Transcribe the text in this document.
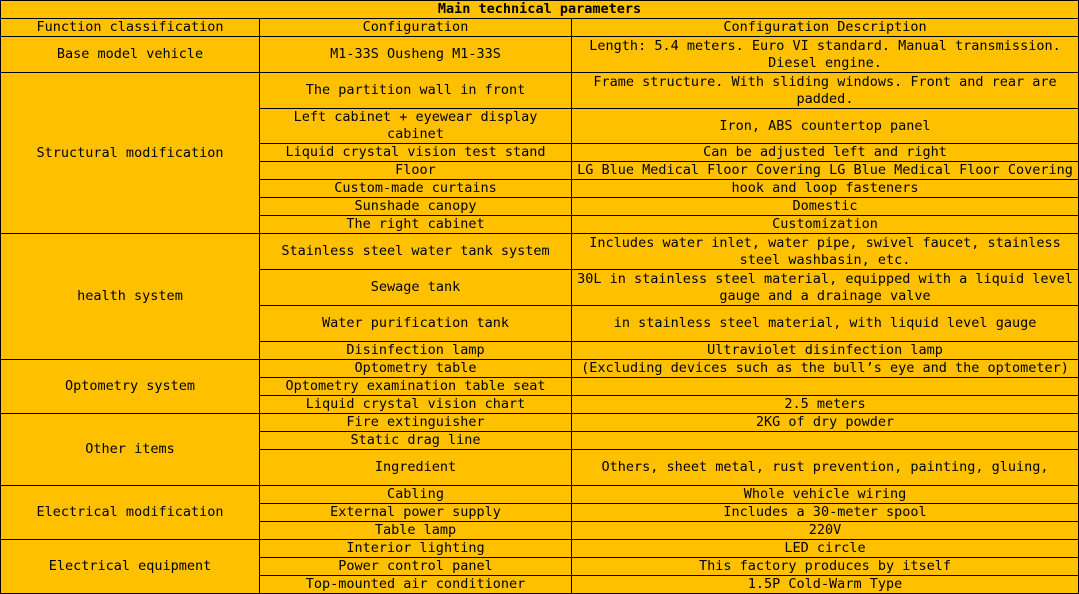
Main technical parameters		
Function classification	Configuration	Configuration Description
Base model vehicle	M1-33S Ousheng M1-33S	Length: 5.4 meters. Euro VI standard. Manual transmission. Diesel engine.
Structural modification	The partition wall in front	Frame structure. With sliding windows. Front and rear are padded.
	Left cabinet + eyewear display cabinet	Iron, ABS countertop panel
	Liquid crystal vision test stand	Can be adjusted left and right
	Floor	LG Blue Medical Floor Covering LG Blue Medical Floor Covering
	Custom-made curtains	hook and loop fasteners
	Sunshade canopy	Domestic
	The right cabinet	Customization
health system	Stainless steel water tank system	Includes water inlet, water pipe, swivel faucet, stainless steel washbasin, etc.
	Sewage tank	30L in stainless steel material, equipped with a liquid level gauge and a drainage valve
	Water purification tank	in stainless steel material, with liquid level gauge
	Disinfection lamp	Ultraviolet disinfection lamp
Optometry system	Optometry table	(Excluding devices such as the bull’s eye and the optometer)
	Optometry examination table seat	
	Liquid crystal vision chart	2.5 meters
Other items	Fire extinguisher	2KG of dry powder
	Static drag line	
	Ingredient	Others, sheet metal, rust prevention, painting, gluing,
Electrical modification	Cabling	Whole vehicle wiring
	External power supply	Includes a 30-meter spool
	Table lamp	220V
Electrical equipment	Interior lighting	LED circle
	Power control panel	This factory produces by itself
	Top-mounted air conditioner	1.5P Cold-Warm Type
